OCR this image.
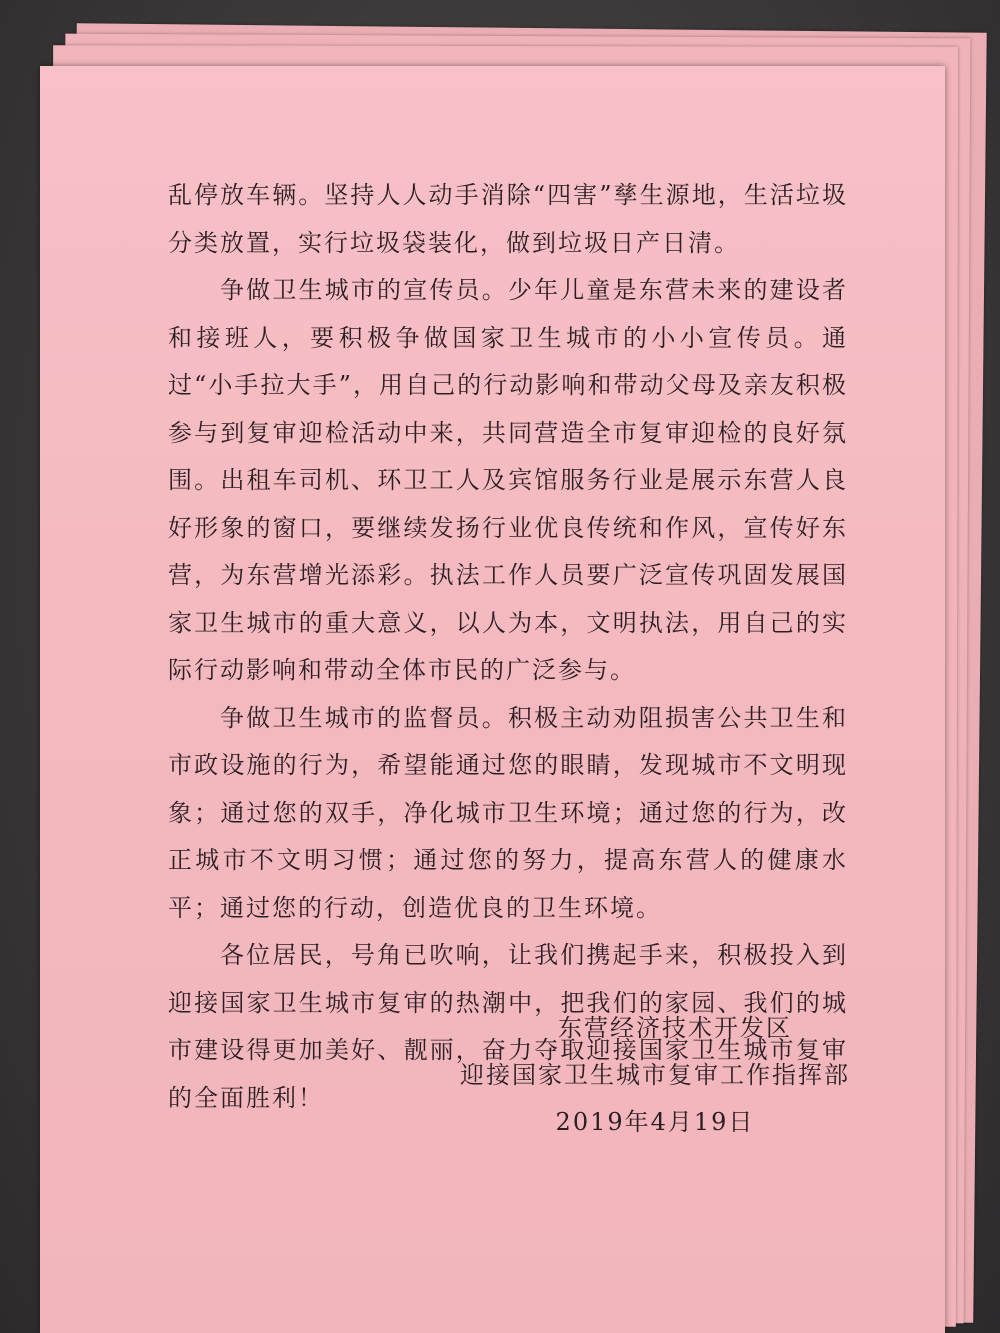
乱停放车辆。坚持人人动手消除“四害”孳生源地，生活垃圾分类放置，实行垃圾袋装化，做到垃圾日产日清。

争做卫生城市的宣传员。少年儿童是东营未来的建设者和接班人，要积极争做国家卫生城市的小小宣传员。通过“小手拉大手”，用自己的行动影响和带动父母及亲友积极参与到复审迎检活动中来，共同营造全市复审迎检的良好氛围。出租车司机、环卫工人及宾馆服务行业是展示东营人良好形象的窗口，要继续发扬行业优良传统和作风，宣传好东营，为东营增光添彩。执法工作人员要广泛宣传巩固发展国家卫生城市的重大意义，以人为本，文明执法，用自己的实际行动影响和带动全体市民的广泛参与。

争做卫生城市的监督员。积极主动劝阻损害公共卫生和市政设施的行为，希望能通过您的眼睛，发现城市不文明现象；通过您的双手，净化城市卫生环境；通过您的行为，改正城市不文明习惯；通过您的努力，提高东营人的健康水平；通过您的行动，创造优良的卫生环境。

各位居民，号角已吹响，让我们携起手来，积极投入到迎接国家卫生城市复审的热潮中，把我们的家园、我们的城市建设得更加美好、靓丽，奋力夺取迎接国家卫生城市复审的全面胜利！

东营经济技术开发区
迎接国家卫生城市复审工作指挥部
2019年4月19日
